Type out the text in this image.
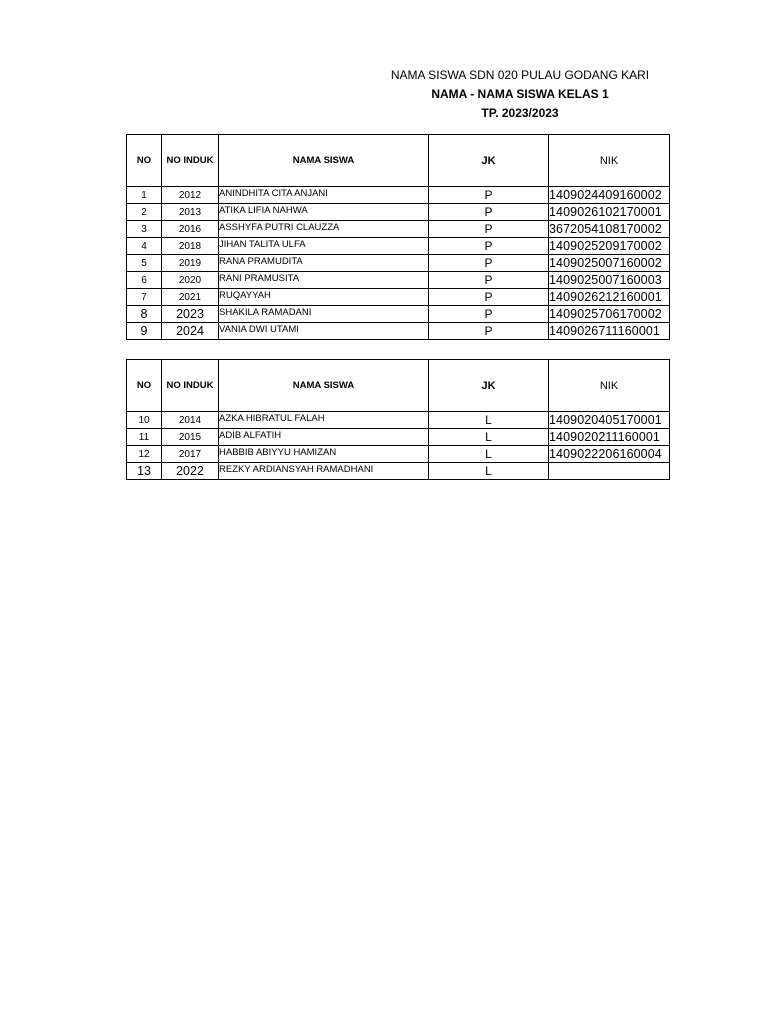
NAMA SISWA SDN 020 PULAU GODANG KARI
NAMA - NAMA SISWA KELAS 1
TP. 2023/2023
NO	NO INDUK	NAMA SISWA	JK	NIK
1	2012	ANINDHITA CITA ANJANI	P	1409024409160002
2	2013	ATIKA LIFIA NAHWA	P	1409026102170001
3	2016	ASSHYFA PUTRI CLAUZZA	P	3672054108170002
4	2018	JIHAN TALITA ULFA	P	1409025209170002
5	2019	RANA PRAMUDITA	P	1409025007160002
6	2020	RANI PRAMUSITA	P	1409025007160003
7	2021	RUQAYYAH	P	1409026212160001
8	2023	SHAKILA RAMADANI	P	1409025706170002
9	2024	VANIA DWI UTAMI	P	1409026711160001
NO	NO INDUK	NAMA SISWA	JK	NIK
10	2014	AZKA HIBRATUL FALAH	L	1409020405170001
11	2015	ADIB ALFATIH	L	1409020211160001
12	2017	HABBIB ABIYYU HAMIZAN	L	1409022206160004
13	2022	REZKY ARDIANSYAH RAMADHANI	L	
